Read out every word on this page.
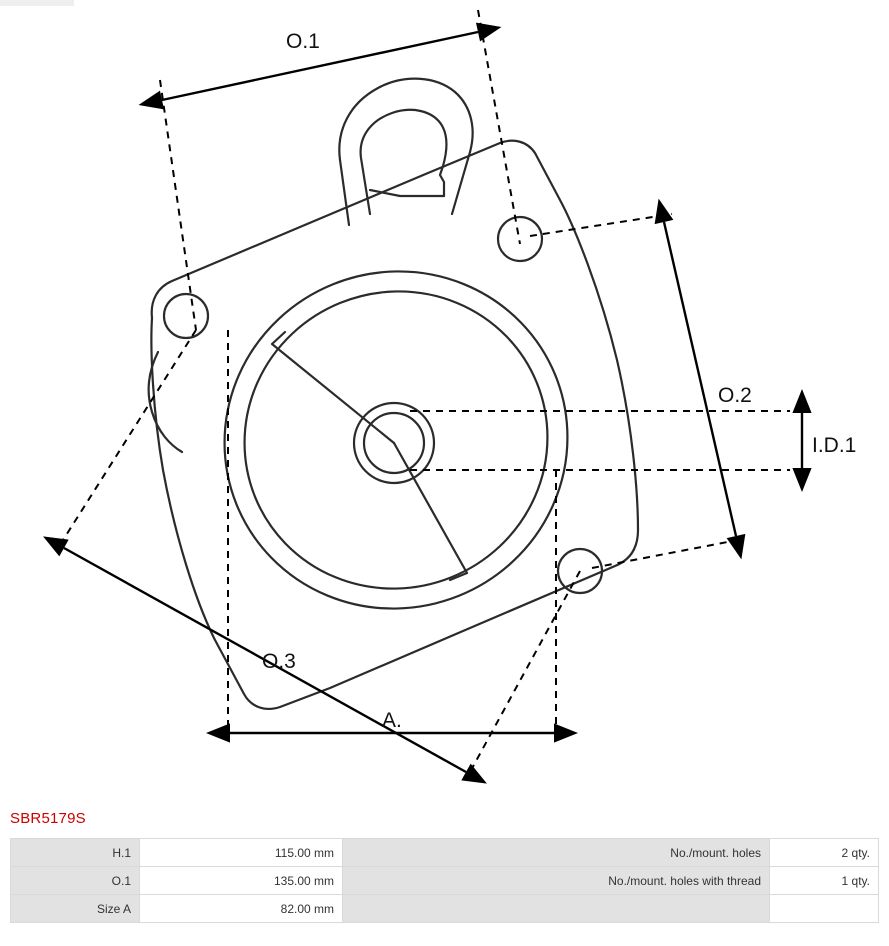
O.1
O.2
O.3
I.D.1
A.
SBR5179S
H.1	115.00 mm	No./mount. holes	2 qty.
O.1	135.00 mm	No./mount. holes with thread	1 qty.
Size A	82.00 mm		
